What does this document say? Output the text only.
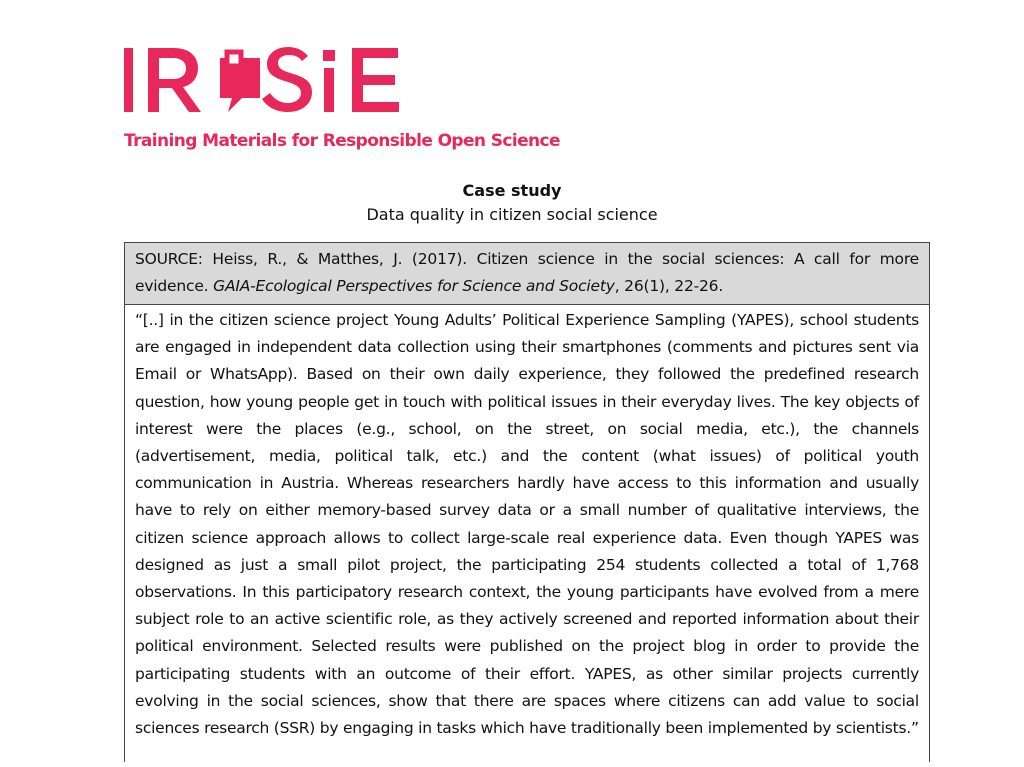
Training Materials for Responsible Open Science
Case study
Data quality in citizen social science
SOURCE: Heiss, R., & Matthes, J. (2017). Citizen science in the social sciences: A call for more evidence. GAIA-Ecological Perspectives for Science and Society, 26(1), 22-26.
“[..] in the citizen science project Young Adults’ Political Experience Sampling (YAPES), school students are engaged in independent data collection using their smartphones (comments and pictures sent via Email or WhatsApp). Based on their own daily experience, they followed the predefined research question, how young people get in touch with political issues in their everyday lives. The key objects of interest were the places (e.g., school, on the street, on social media, etc.), the channels (advertisement, media, political talk, etc.) and the content (what issues) of political youth communication in Austria. Whereas researchers hardly have access to this information and usually have to rely on either memory-based survey data or a small number of qualitative interviews, the citizen science approach allows to collect large-scale real experience data. Even though YAPES was designed as just a small pilot project, the participating 254 students collected a total of 1,768 observations. In this participatory research context, the young participants have evolved from a mere subject role to an active scientific role, as they actively screened and reported information about their political environment. Selected results were published on the project blog in order to provide the participating students with an outcome of their effort. YAPES, as other similar projects currently evolving in the social sciences, show that there are spaces where citizens can add value to social sciences research (SSR) by engaging in tasks which have traditionally been implemented by scientists.”
